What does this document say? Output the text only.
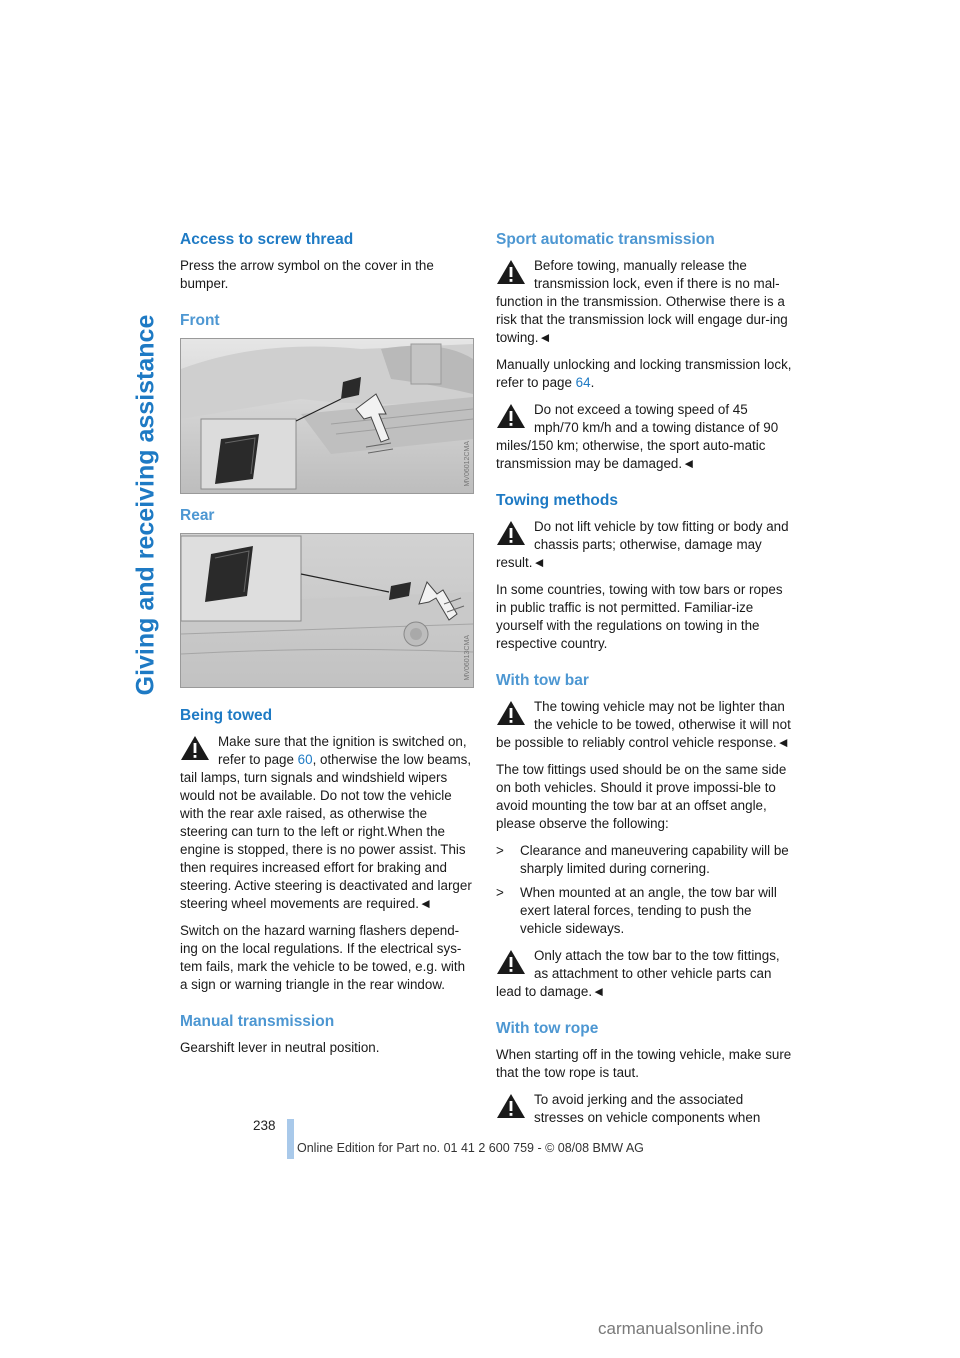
Giving and receiving assistance
Access to screw thread

Press the arrow symbol on the cover in the bumper.

Front
MV06012CMA
Rear
MV06013CMA
Being towed
Make sure that the ignition is switched on, refer to page 60, otherwise the low beams, tail lamps, turn signals and windshield wipers would not be available. Do not tow the vehicle with the rear axle raised, as otherwise the steering can turn to the left or right.When the engine is stopped, there is no power assist. This then requires increased effort for braking and steering. Active steering is deactivated and larger steering wheel movements are required.◄

Switch on the hazard warning flashers depend-ing on the local regulations. If the electrical sys-tem fails, mark the vehicle to be towed, e.g. with a sign or warning triangle in the rear window.

Manual transmission

Gearshift lever in neutral position.

Sport automatic transmission
Before towing, manually release the transmission lock, even if there is no mal-function in the transmission. Otherwise there is a risk that the transmission lock will engage dur-ing towing.◄

Manually unlocking and locking transmission lock, refer to page 64.

Do not exceed a towing speed of 45 mph/70 km/h and a towing distance of 90 miles/150 km; otherwise, the sport auto-matic transmission may be damaged.◄
Towing methods
Do not lift vehicle by tow fitting or body and chassis parts; otherwise, damage may result.◄

In some countries, towing with tow bars or ropes in public traffic is not permitted. Familiar-ize yourself with the regulations on towing in the respective country.

With tow bar
The towing vehicle may not be lighter than the vehicle to be towed, otherwise it will not be possible to reliably control vehicle response.◄

The tow fittings used should be on the same side on both vehicles. Should it prove impossi-ble to avoid mounting the tow bar at an offset angle, please observe the following:

> Clearance and maneuvering capability will be sharply limited during cornering.
> When mounted at an angle, the tow bar will exert lateral forces, tending to push the vehicle sideways.
Only attach the tow bar to the tow fittings, as attachment to other vehicle parts can lead to damage.◄
With tow rope

When starting off in the towing vehicle, make sure that the tow rope is taut.

To avoid jerking and the associated stresses on vehicle components when
238
Online Edition for Part no. 01 41 2 600 759 - © 08/08 BMW AG
carmanualsonline.info
